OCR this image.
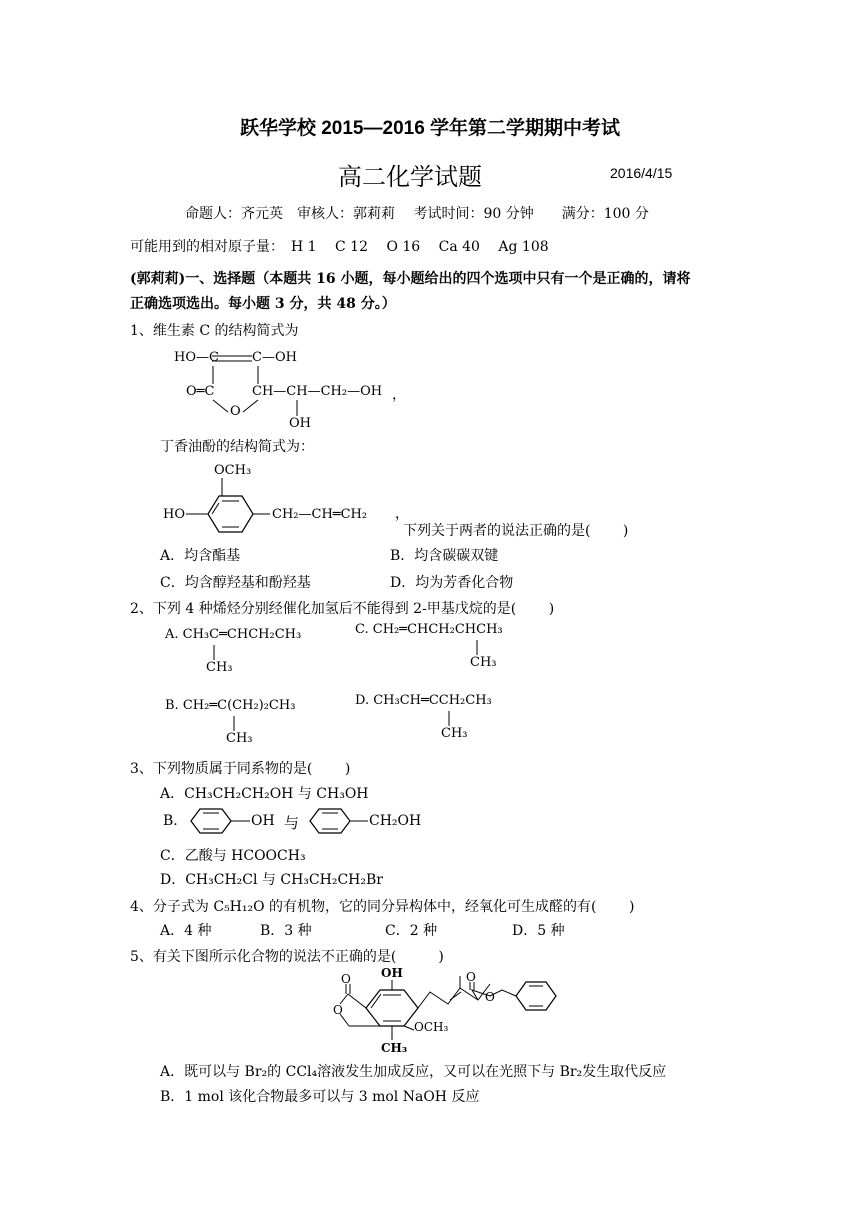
跃华学校 2015—2016 学年第二学期期中考试
高二化学试题	2016/4/15
命题人：齐元英　审核人：郭莉莉　 考试时间：90 分钟　　满分：100 分
可能用到的相对原子量：　H 1　 C 12　 O 16　 Ca 40　 Ag 108
(郭莉莉)一、选择题（本题共 16 小题，每小题给出的四个选项中只有一个是正确的，请将
正确选项选出。每小题 3 分，共 48 分。）
1、维生素 C 的结构简式为
HO—C	C—OH
O═C	CH—CH—CH₂—OH
O
OH
，
丁香油酚的结构简式为：
OCH₃
HO	CH₂—CH═CH₂ ，
下列关于两者的说法正确的是(　　 )
A．均含酯基	B．均含碳碳双键
C．均含醇羟基和酚羟基	D．均为芳香化合物
2、下列 4 种烯烃分别经催化加氢后不能得到 2-甲基戊烷的是(　　 )
A. CH₃C═CHCH₂CH₃
CH₃
C. CH₂═CHCH₂CHCH₃
CH₃
B. CH₂═C(CH₂)₂CH₃
CH₃
D. CH₃CH═CCH₂CH₃
CH₃
3、下列物质属于同系物的是(　　 )
A．CH₃CH₂CH₂OH 与 CH₃OH
B.	OH 与	CH₂OH
C．乙酸与 HCOOCH₃
D．CH₃CH₂Cl 与 CH₃CH₂CH₂Br
4、分子式为 C₅H₁₂O 的有机物，它的同分异构体中，经氧化可生成醛的有(　　 )
A．4 种	B．3 种	C．2 种	D．5 种
5、有关下图所示化合物的说法不正确的是(　　　)
OH
O
O
O
O
OCH₃
CH₃
A．既可以与 Br₂的 CCl₄溶液发生加成反应，又可以在光照下与 Br₂发生取代反应
B．1 mol 该化合物最多可以与 3 mol NaOH 反应
